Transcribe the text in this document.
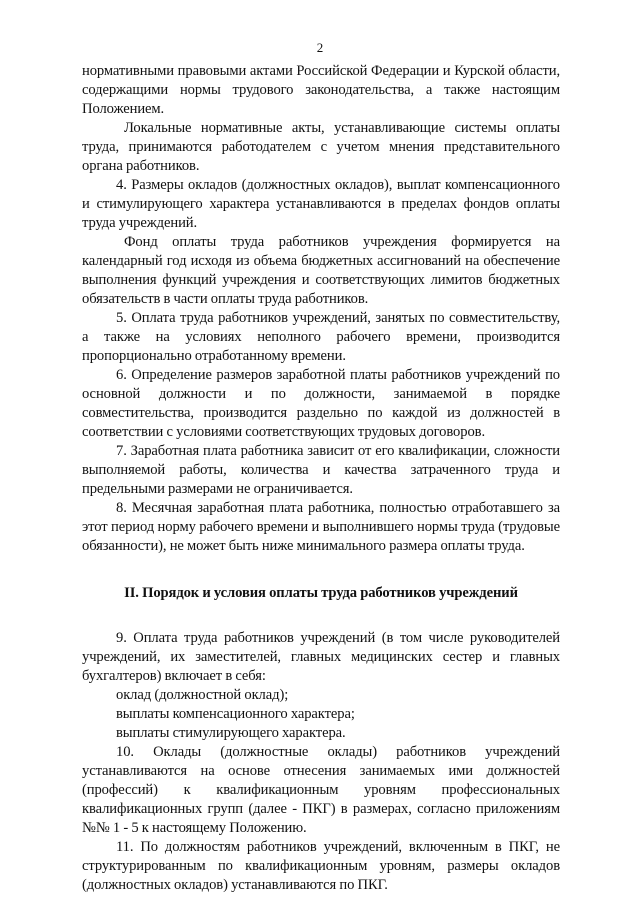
2

нормативными правовыми актами Российской Федерации и Курской области, содержащими нормы трудового законодательства, а также настоящим Положением.

Локальные нормативные акты, устанавливающие системы оплаты труда, принимаются работодателем с учетом мнения представительного органа работников.

4. Размеры окладов (должностных окладов), выплат компенсационного и стимулирующего характера устанавливаются в пределах фондов оплаты труда учреждений.

Фонд оплаты труда работников учреждения формируется на календарный год исходя из объема бюджетных ассигнований на обеспечение выполнения функций учреждения и соответствующих лимитов бюджетных обязательств в части оплаты труда работников.

5. Оплата труда работников учреждений, занятых по совместительству, а также на условиях неполного рабочего времени, производится пропорционально отработанному времени.

6. Определение размеров заработной платы работников учреждений по основной должности и по должности, занимаемой в порядке совместительства, производится раздельно по каждой из должностей в соответствии с условиями соответствующих трудовых договоров.

7. Заработная плата работника зависит от его квалификации, сложности выполняемой работы, количества и качества затраченного труда и предельными размерами не ограничивается.

8. Месячная заработная плата работника, полностью отработавшего за этот период норму рабочего времени и выполнившего нормы труда (трудовые обязанности), не может быть ниже минимального размера оплаты труда.

II. Порядок и условия оплаты труда работников учреждений

9. Оплата труда работников учреждений (в том числе руководителей учреждений, их заместителей, главных медицинских сестер и главных бухгалтеров) включает в себя:

оклад (должностной оклад);

выплаты компенсационного характера;

выплаты стимулирующего характера.

10. Оклады (должностные оклады) работников учреждений устанавливаются на основе отнесения занимаемых ими должностей (профессий) к квалификационным уровням профессиональных квалификационных групп (далее - ПКГ) в размерах, согласно приложениям №№ 1 - 5 к настоящему Положению.

11. По должностям работников учреждений, включенным в ПКГ, не структурированным по квалификационным уровням, размеры окладов (должностных окладов) устанавливаются по ПКГ.
